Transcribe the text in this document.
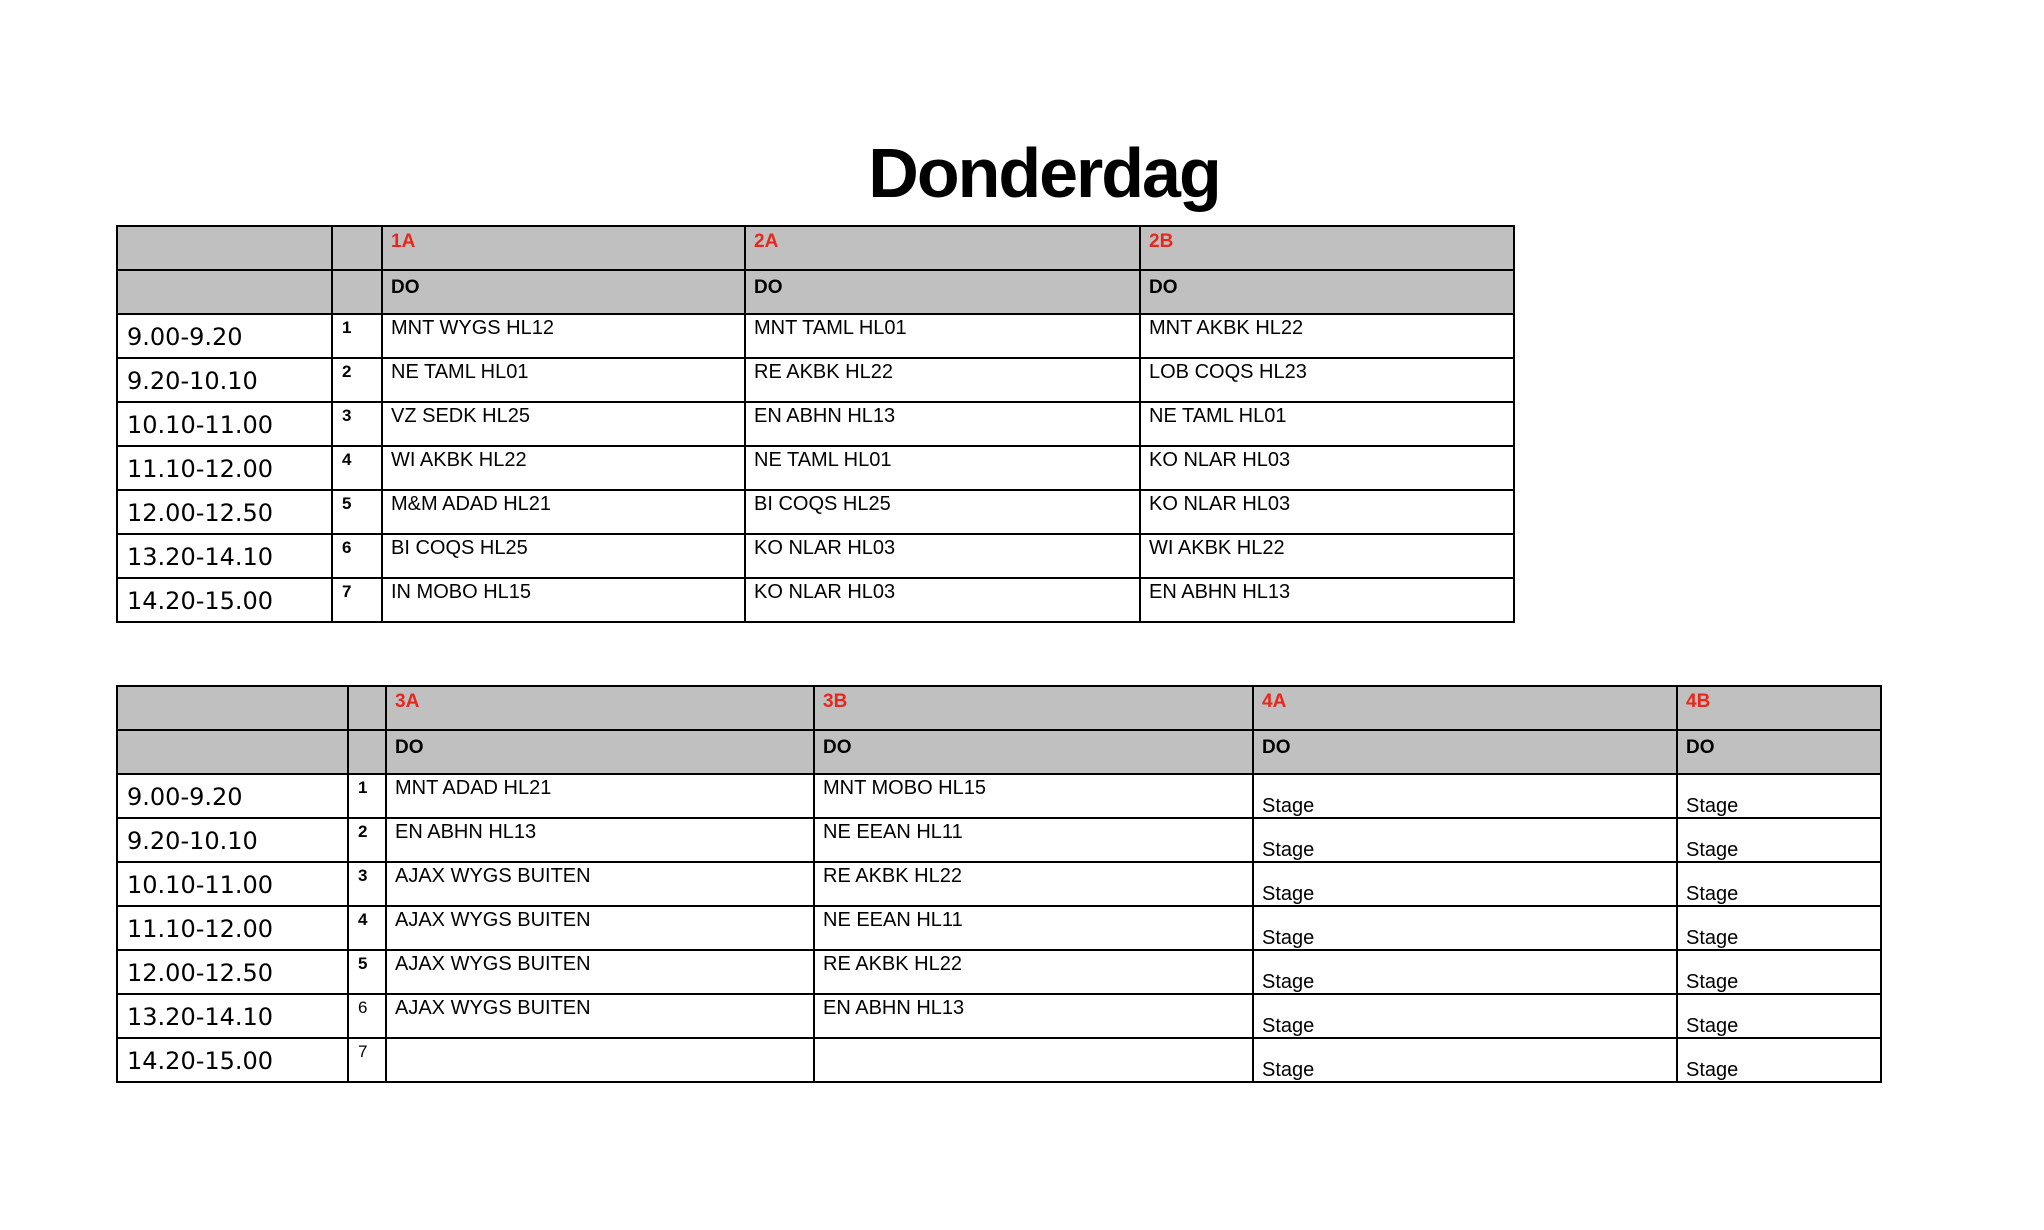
Donderdag

		1A	2A	2B

		DO	DO	DO

9.00-9.20	1	MNT WYGS HL12	MNT TAML HL01	MNT AKBK HL22

9.20-10.10	2	NE TAML HL01	RE AKBK HL22	LOB COQS HL23

10.10-11.00	3	VZ SEDK HL25	EN ABHN HL13	NE TAML HL01

11.10-12.00	4	WI AKBK HL22	NE TAML HL01	KO NLAR HL03

12.00-12.50	5	M&M ADAD HL21	BI COQS HL25	KO NLAR HL03

13.20-14.10	6	BI COQS HL25	KO NLAR HL03	WI AKBK HL22

14.20-15.00	7	IN MOBO HL15	KO NLAR HL03	EN ABHN HL13

		3A	3B	4A	4B

		DO	DO	DO	DO

9.00-9.20	1	MNT ADAD HL21	MNT MOBO HL15	Stage	Stage

9.20-10.10	2	EN ABHN HL13	NE EEAN HL11	Stage	Stage

10.10-11.00	3	AJAX WYGS BUITEN	RE AKBK HL22	Stage	Stage

11.10-12.00	4	AJAX WYGS BUITEN	NE EEAN HL11	Stage	Stage

12.00-12.50	5	AJAX WYGS BUITEN	RE AKBK HL22	Stage	Stage

13.20-14.10	6	AJAX WYGS BUITEN	EN ABHN HL13	Stage	Stage

14.20-15.00	7			Stage	Stage
